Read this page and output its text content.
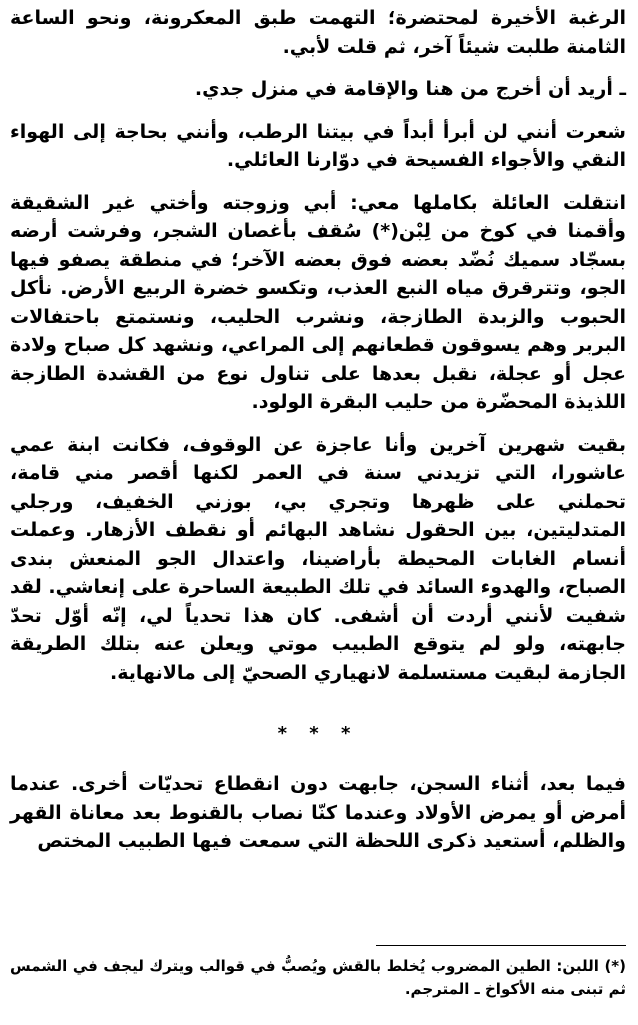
الرغبة الأخيرة لمحتضرة؛ التهمت طبق المعكرونة، ونحو الساعة الثامنة طلبت شيئاً آخر، ثم قلت لأبي.

ـ أريد أن أخرج من هنا والإقامة في منزل جدي.

شعرت أنني لن أبرأ أبداً في بيتنا الرطب، وأنني بحاجة إلى الهواء النقي والأجواء الفسيحة في دوّارنا العائلي.

انتقلت العائلة بكاملها معي: أبي وزوجته وأختي غير الشقيقة وأقمنا في كوخ من لِبْن(*) سُقف بأغصان الشجر، وفرشت أرضه بسجّاد سميك نُضّد بعضه فوق بعضه الآخر؛ في منطقة يصفو فيها الجو، وتترقرق مياه النبع العذب، وتكسو خضرة الربيع الأرض. نأكل الحبوب والزبدة الطازجة، ونشرب الحليب، ونستمتع باحتفالات البربر وهم يسوقون قطعانهم إلى المراعي، ونشهد كل صباح ولادة عجل أو عجلة، نقبل بعدها على تناول نوع من القشدة الطازجة اللذيذة المحضّرة من حليب البقرة الولود.

بقيت شهرين آخرين وأنا عاجزة عن الوقوف، فكانت ابنة عمي عاشورا، التي تزيدني سنة في العمر لكنها أقصر مني قامة، تحملني على ظهرها وتجري بي، بوزني الخفيف، ورجلي المتدليتين، بين الحقول نشاهد البهائم أو نقطف الأزهار. وعملت أنسام الغابات المحيطة بأراضينا، واعتدال الجو المنعش بندى الصباح، والهدوء السائد في تلك الطبيعة الساحرة على إنعاشي. لقد شفيت لأنني أردت أن أشفى. كان هذا تحدياً لي، إنّه أوّل تحدّ جابهته، ولو لم يتوقع الطبيب موتي ويعلن عنه بتلك الطريقة الجازمة لبقيت مستسلمة لانهياري الصحيّ إلى مالانهاية.

* * *

فيما بعد، أثناء السجن، جابهت دون انقطاع تحديّات أخرى. عندما أمرض أو يمرض الأولاد وعندما كنّا نصاب بالقنوط بعد معاناة القهر والظلم، أستعيد ذكرى اللحظة التي سمعت فيها الطبيب المختص

(*) اللبن: الطين المضروب يُخلط بالقش ويُصبُّ في قوالب ويترك ليجف في الشمس ثم تبنى منه الأكواخ ـ المترجم.
